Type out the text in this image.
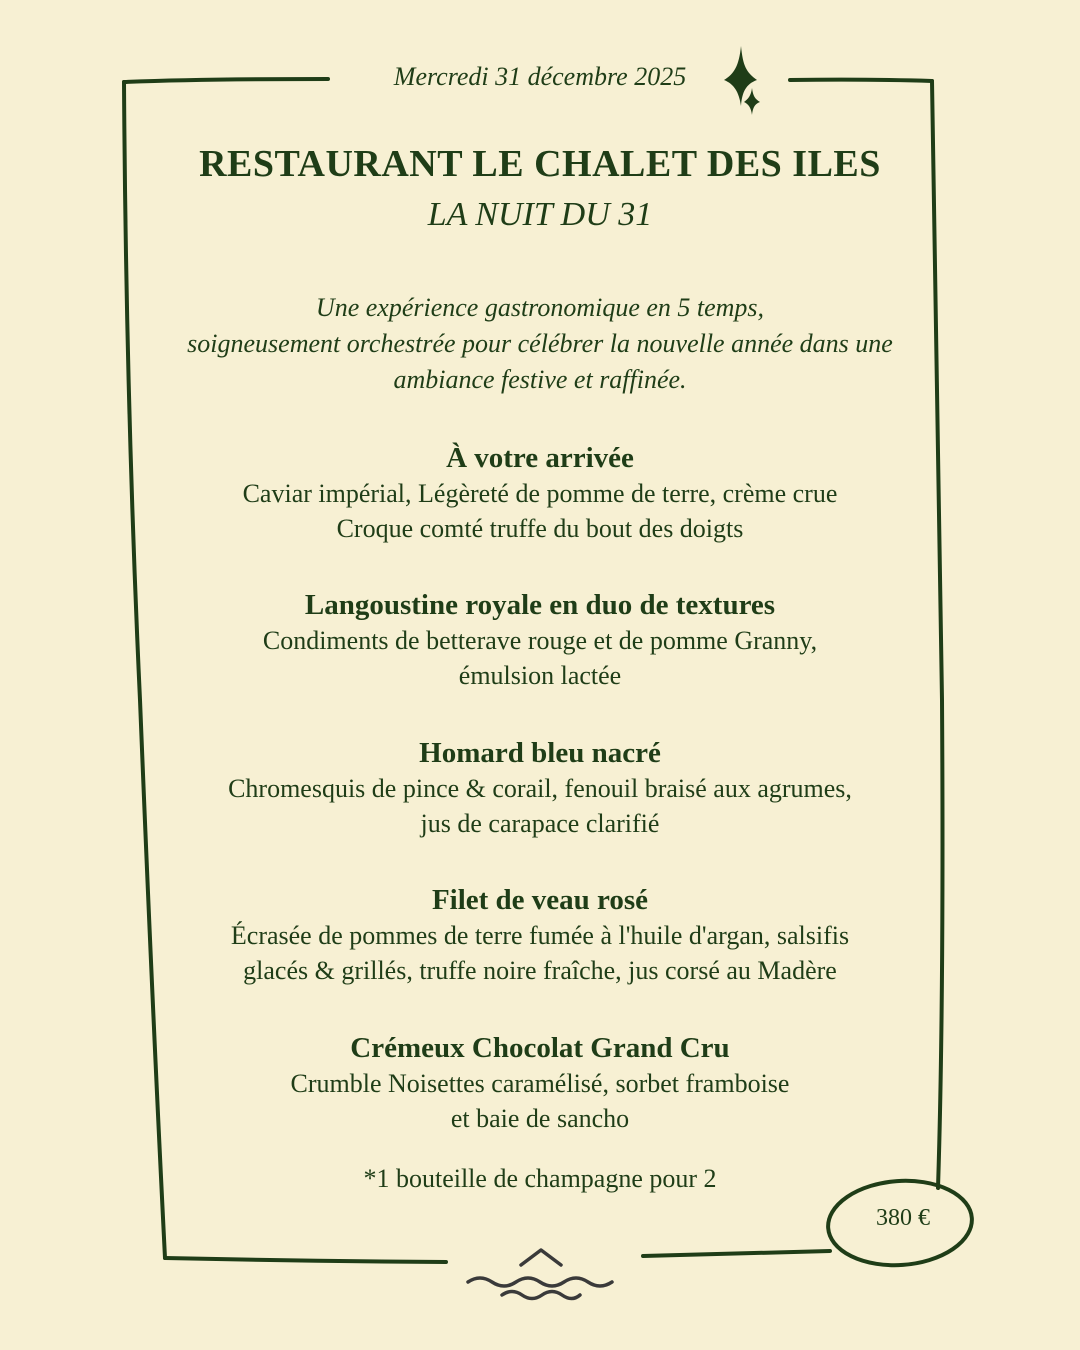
Mercredi 31 décembre 2025
RESTAURANT LE CHALET DES ILES
LA NUIT DU 31
Une expérience gastronomique en 5 temps,
soigneusement orchestrée pour célébrer la nouvelle année dans une
ambiance festive et raffinée.
À votre arrivée
Caviar impérial, Légèreté de pomme de terre, crème crue
Croque comté truffe du bout des doigts
Langoustine royale en duo de textures
Condiments de betterave rouge et de pomme Granny,
émulsion lactée
Homard bleu nacré
Chromesquis de pince & corail, fenouil braisé aux agrumes,
jus de carapace clarifié
Filet de veau rosé
Écrasée de pommes de terre fumée à l'huile d'argan, salsifis
glacés & grillés, truffe noire fraîche, jus corsé au Madère
Crémeux Chocolat Grand Cru
Crumble Noisettes caramélisé, sorbet framboise
et baie de sancho
*1 bouteille de champagne pour 2
380 €
